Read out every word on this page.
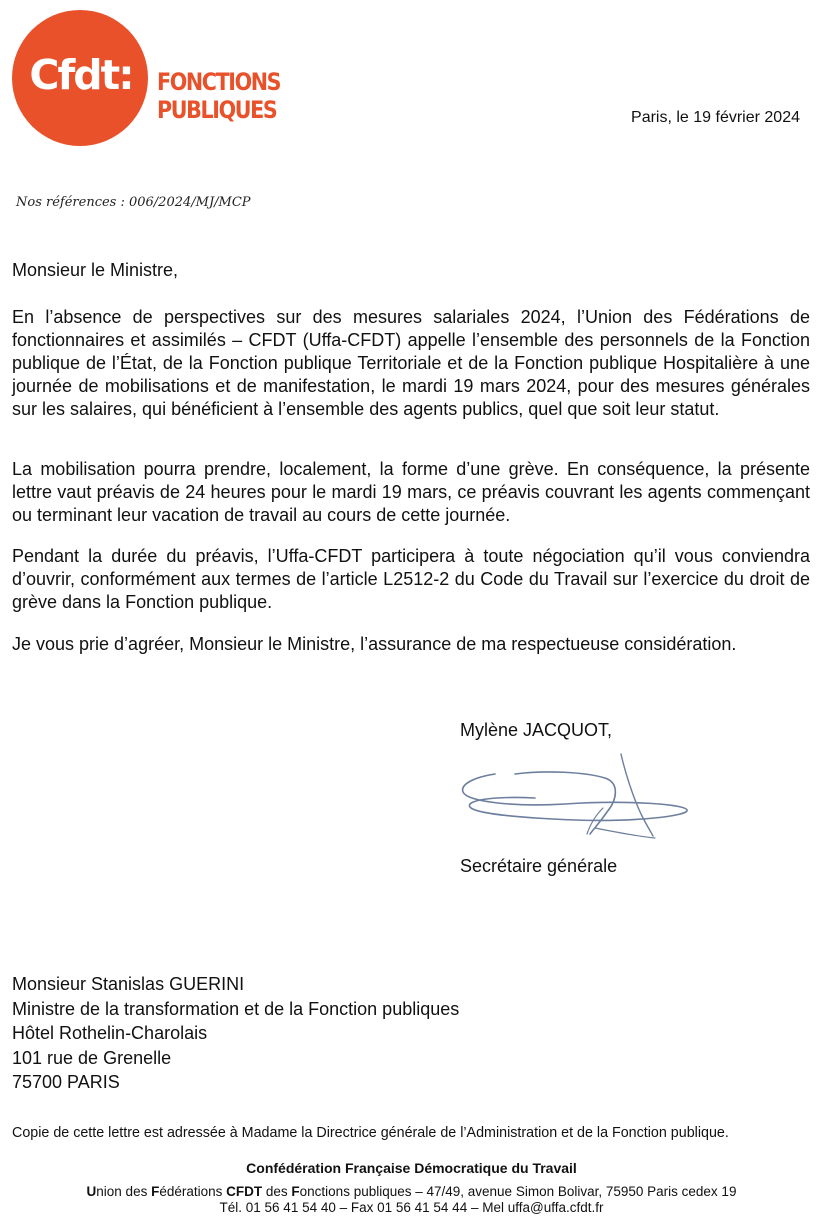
Cfdt:	FONCTIONS
PUBLIQUES	Paris, le 19 février 2024
Nos références : 006/2024/MJ/MCP
Monsieur le Ministre,
En l’absence de perspectives sur des mesures salariales 2024, l’Union des Fédérations de fonctionnaires et assimilés – CFDT (Uffa-CFDT) appelle l’ensemble des personnels de la Fonction publique de l’État, de la Fonction publique Territoriale et de la Fonction publique Hospitalière à une journée de mobilisations et de manifestation, le mardi 19 mars 2024, pour des mesures générales sur les salaires, qui bénéficient à l’ensemble des agents publics, quel que soit leur statut.
La mobilisation pourra prendre, localement, la forme d’une grève. En conséquence, la présente lettre vaut préavis de 24 heures pour le mardi 19 mars, ce préavis couvrant les agents commençant ou terminant leur vacation de travail au cours de cette journée.
Pendant la durée du préavis, l’Uffa-CFDT participera à toute négociation qu’il vous conviendra d’ouvrir, conformément aux termes de l’article L2512-2 du Code du Travail sur l’exercice du droit de grève dans la Fonction publique.
Je vous prie d’agréer, Monsieur le Ministre, l’assurance de ma respectueuse considération.
Mylène JACQUOT,
Secrétaire générale
Monsieur Stanislas GUERINI
Ministre de la transformation et de la Fonction publiques
Hôtel Rothelin-Charolais
101 rue de Grenelle
75700 PARIS
Copie de cette lettre est adressée à Madame la Directrice générale de l’Administration et de la Fonction publique.
Confédération Française Démocratique du Travail
Union des Fédérations CFDT des Fonctions publiques – 47/49, avenue Simon Bolivar, 75950 Paris cedex 19
Tél. 01 56 41 54 40 – Fax 01 56 41 54 44 – Mel uffa@uffa.cfdt.fr
